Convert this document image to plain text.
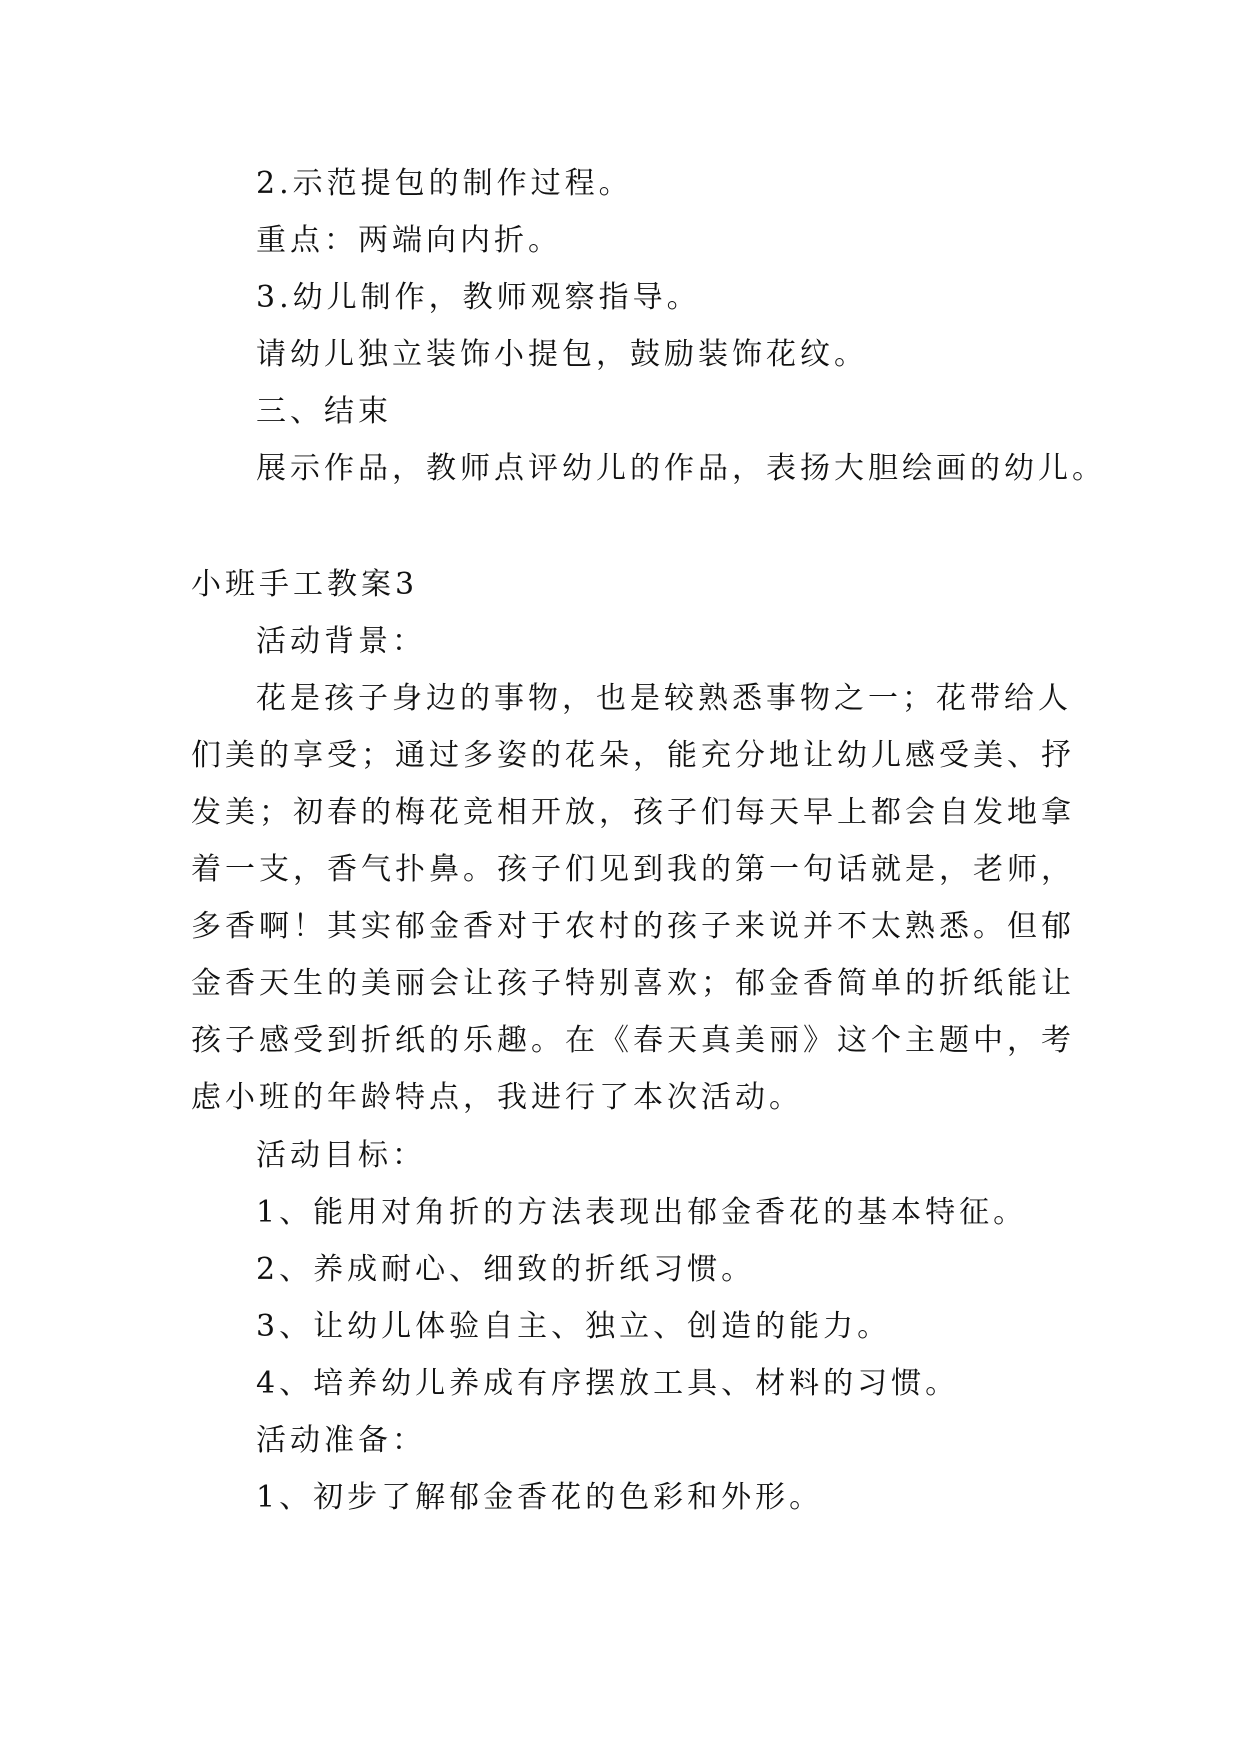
2.示范提包的制作过程。
重点：两端向内折。
3.幼儿制作，教师观察指导。
请幼儿独立装饰小提包，鼓励装饰花纹。
三、结束
展示作品，教师点评幼儿的作品，表扬大胆绘画的幼儿。
小班手工教案3
活动背景：
花是孩子身边的事物，也是较熟悉事物之一；花带给人
们美的享受；通过多姿的花朵，能充分地让幼儿感受美、抒
发美；初春的梅花竞相开放，孩子们每天早上都会自发地拿
着一支，香气扑鼻。孩子们见到我的第一句话就是，老师，
多香啊！其实郁金香对于农村的孩子来说并不太熟悉。但郁
金香天生的美丽会让孩子特别喜欢；郁金香简单的折纸能让
孩子感受到折纸的乐趣。在《春天真美丽》这个主题中，考
虑小班的年龄特点，我进行了本次活动。
活动目标：
1、能用对角折的方法表现出郁金香花的基本特征。
2、养成耐心、细致的折纸习惯。
3、让幼儿体验自主、独立、创造的能力。
4、培养幼儿养成有序摆放工具、材料的习惯。
活动准备：
1、初步了解郁金香花的色彩和外形。
